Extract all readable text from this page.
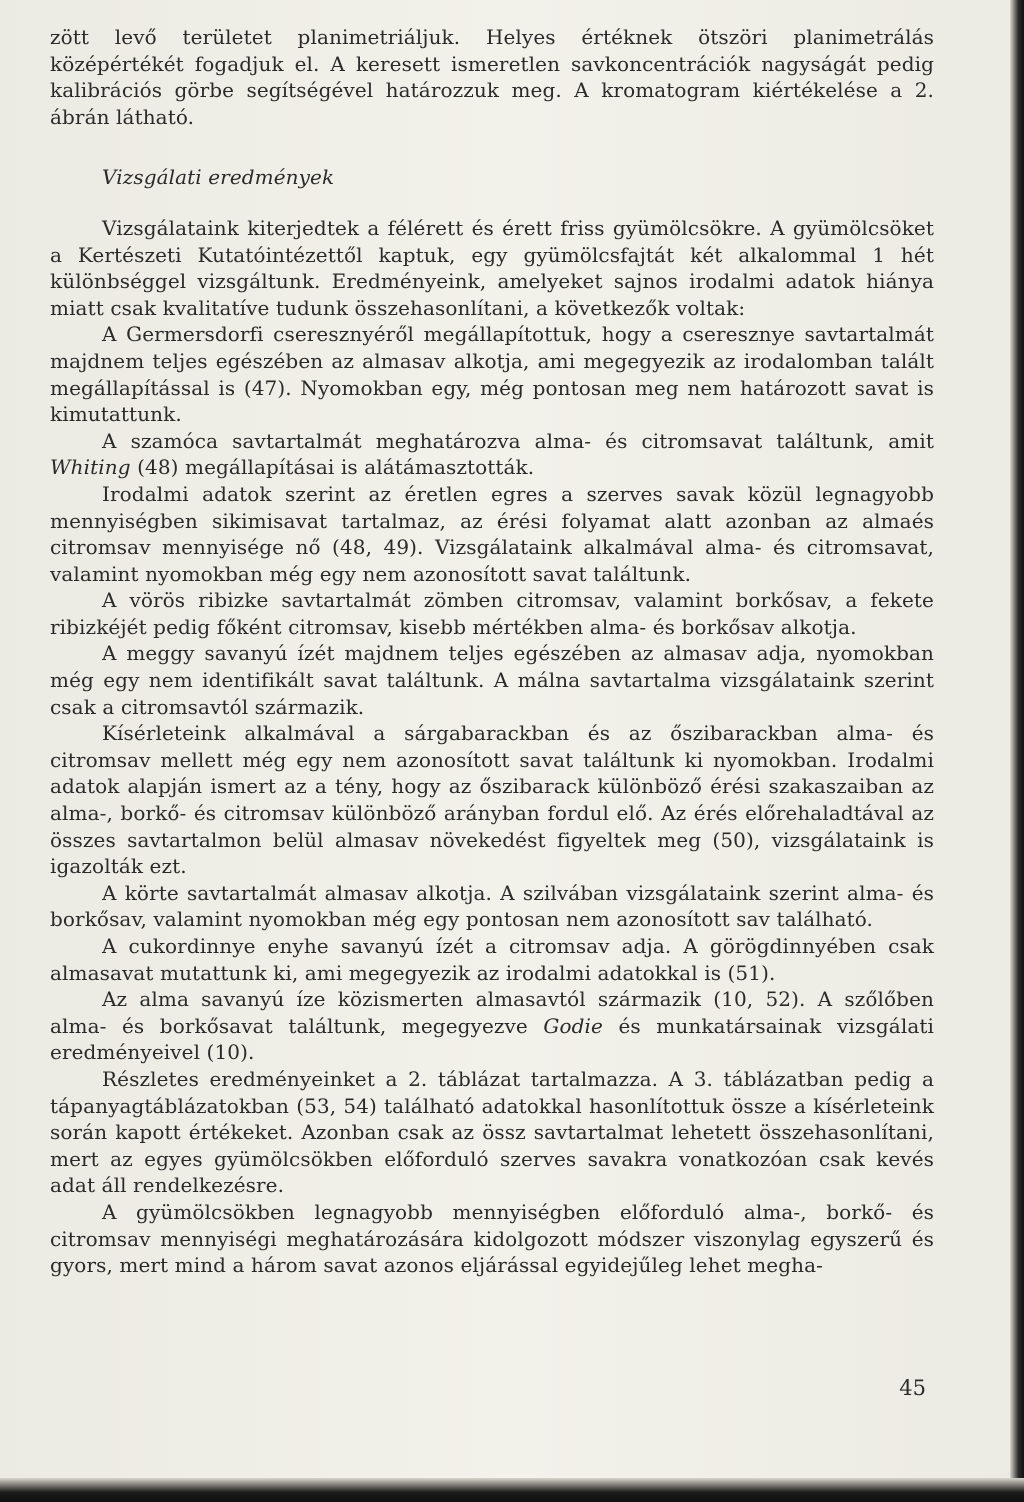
zött levő területet planimetriáljuk. Helyes értéknek ötszöri planimetrálás középértékét fogadjuk el. A keresett ismeretlen savkoncentrációk nagyságát pedig kalibrációs görbe segítségével határozzuk meg. A kromatogram kiértékelése a 2. ábrán látható.

Vizsgálati eredmények

Vizsgálataink kiterjedtek a félérett és érett friss gyümölcsökre. A gyümölcsöket a Kertészeti Kutatóintézettől kaptuk, egy gyümölcsfajtát két alkalommal 1 hét különbséggel vizsgáltunk. Eredményeink, amelyeket sajnos irodalmi adatok hiánya miatt csak kvalitatíve tudunk összehasonlítani, a következők voltak:

A Germersdorfi cseresznyéről megállapítottuk, hogy a cseresznye savtartalmát majdnem teljes egészében az almasav alkotja, ami megegyezik az irodalomban talált megállapítással is (47). Nyomokban egy, még pontosan meg nem határozott savat is kimutattunk.

A szamóca savtartalmát meghatározva alma- és citromsavat találtunk, amit Whiting (48) megállapításai is alátámasztották.

Irodalmi adatok szerint az éretlen egres a szerves savak közül legnagyobb mennyiségben sikimisavat tartalmaz, az érési folyamat alatt azonban az almaés citromsav mennyisége nő (48, 49). Vizsgálataink alkalmával alma- és citromsavat, valamint nyomokban még egy nem azonosított savat találtunk.

A vörös ribizke savtartalmát zömben citromsav, valamint borkősav, a fekete ribizkéjét pedig főként citromsav, kisebb mértékben alma- és borkősav alkotja.

A meggy savanyú ízét majdnem teljes egészében az almasav adja, nyomokban még egy nem identifikált savat találtunk. A málna savtartalma vizsgálataink szerint csak a citromsavtól származik.

Kísérleteink alkalmával a sárgabarackban és az őszibarackban alma- és citromsav mellett még egy nem azonosított savat találtunk ki nyomokban. Irodalmi adatok alapján ismert az a tény, hogy az őszibarack különböző érési szakaszaiban az alma-, borkő- és citromsav különböző arányban fordul elő. Az érés előrehaladtával az összes savtartalmon belül almasav növekedést figyeltek meg (50), vizsgálataink is igazolták ezt.

A körte savtartalmát almasav alkotja. A szilvában vizsgálataink szerint alma- és borkősav, valamint nyomokban még egy pontosan nem azonosított sav található.

A cukordinnye enyhe savanyú ízét a citromsav adja. A görögdinnyében csak almasavat mutattunk ki, ami megegyezik az irodalmi adatokkal is (51).

Az alma savanyú íze közismerten almasavtól származik (10, 52). A szőlőben alma- és borkősavat találtunk, megegyezve Godie és munkatársainak vizsgálati eredményeivel (10).

Részletes eredményeinket a 2. táblázat tartalmazza. A 3. táblázatban pedig a tápanyagtáblázatokban (53, 54) található adatokkal hasonlítottuk össze a kísérleteink során kapott értékeket. Azonban csak az össz savtartalmat lehetett összehasonlítani, mert az egyes gyümölcsökben előforduló szerves savakra vonatkozóan csak kevés adat áll rendelkezésre.

A gyümölcsökben legnagyobb mennyiségben előforduló alma-, borkő- és citromsav mennyiségi meghatározására kidolgozott módszer viszonylag egyszerű és gyors, mert mind a három savat azonos eljárással egyidejűleg lehet megha-

45
